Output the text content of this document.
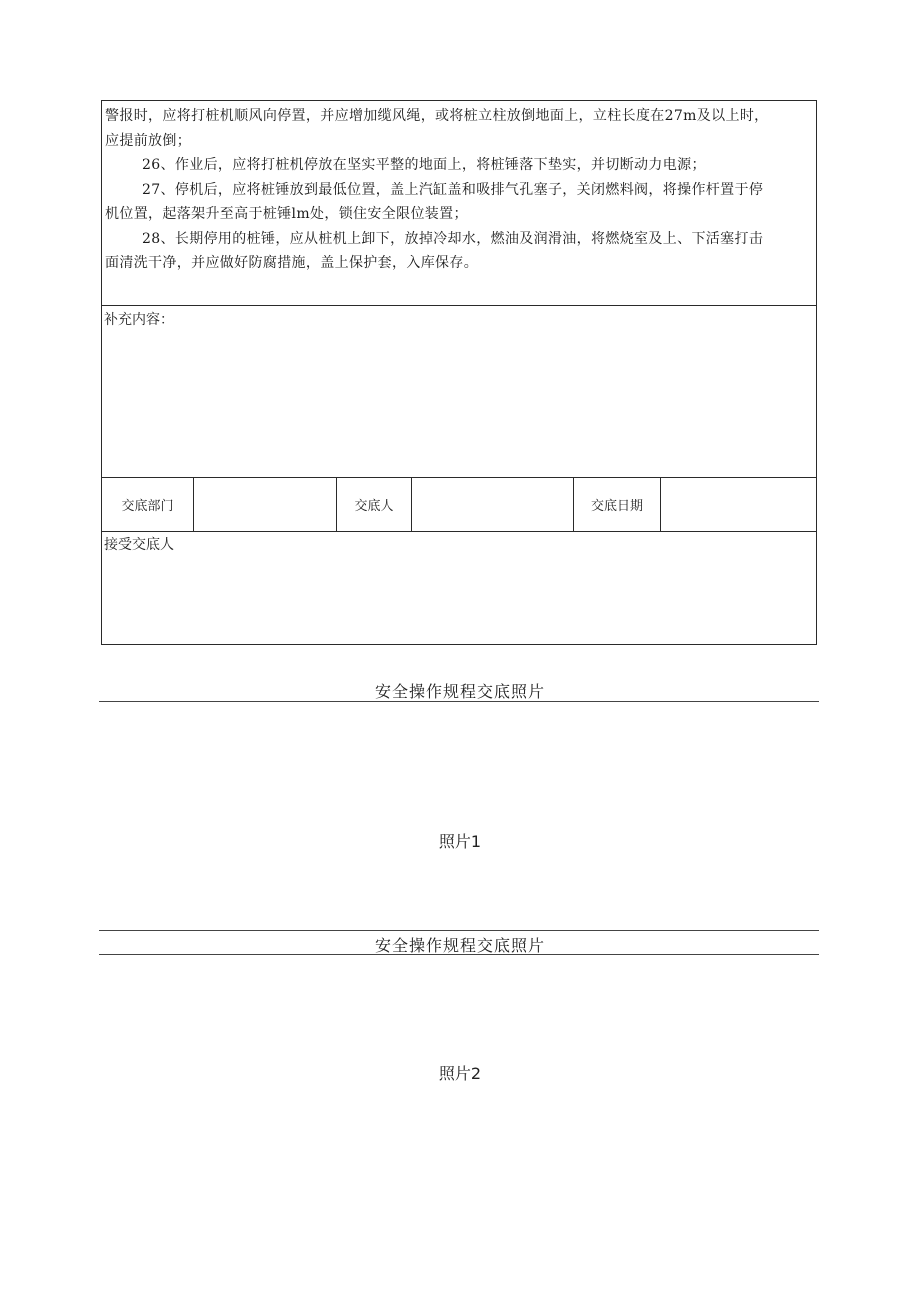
警报时，应将打桩机顺风向停置，并应增加缆风绳，或将桩立柱放倒地面上，立柱长度在27m及以上时，

应提前放倒；

26、作业后，应将打桩机停放在坚实平整的地面上，将桩锤落下垫实，并切断动力电源；

27、停机后，应将桩锤放到最低位置，盖上汽缸盖和吸排气孔塞子，关闭燃料阀，将操作杆置于停

机位置，起落架升至高于桩锤lm处，锁住安全限位装置；

28、长期停用的桩锤，应从桩机上卸下，放掉冷却水，燃油及润滑油，将燃烧室及上、下活塞打击

面清洗干净，并应做好防腐措施，盖上保护套，入库保存。

补充内容：
交底部门	交底人	交底日期
接受交底人
安全操作规程交底照片
照片1
安全操作规程交底照片
照片2
